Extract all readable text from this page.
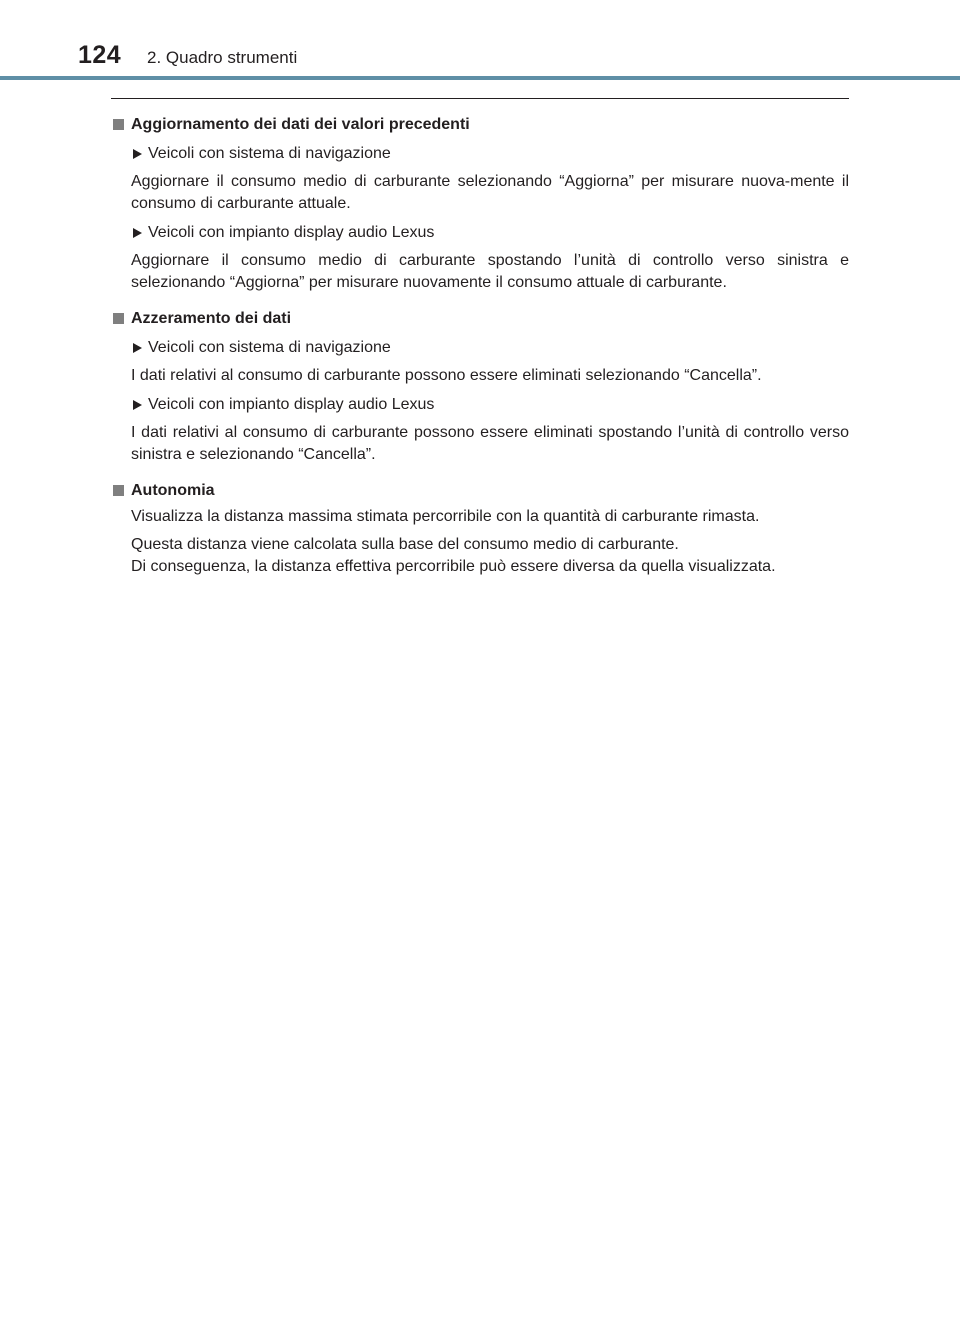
124 2. Quadro strumenti
Aggiornamento dei dati dei valori precedenti
Veicoli con sistema di navigazione

Aggiornare il consumo medio di carburante selezionando “Aggiorna” per misurare nuova-mente il consumo di carburante attuale.

Veicoli con impianto display audio Lexus

Aggiornare il consumo medio di carburante spostando l’unità di controllo verso sinistra e selezionando “Aggiorna” per misurare nuovamente il consumo attuale di carburante.

Azzeramento dei dati
Veicoli con sistema di navigazione

I dati relativi al consumo di carburante possono essere eliminati selezionando “Cancella”.

Veicoli con impianto display audio Lexus

I dati relativi al consumo di carburante possono essere eliminati spostando l’unità di controllo verso sinistra e selezionando “Cancella”.

Autonomia

Visualizza la distanza massima stimata percorribile con la quantità di carburante rimasta.

Questa distanza viene calcolata sulla base del consumo medio di carburante.

Di conseguenza, la distanza effettiva percorribile può essere diversa da quella visualizzata.
